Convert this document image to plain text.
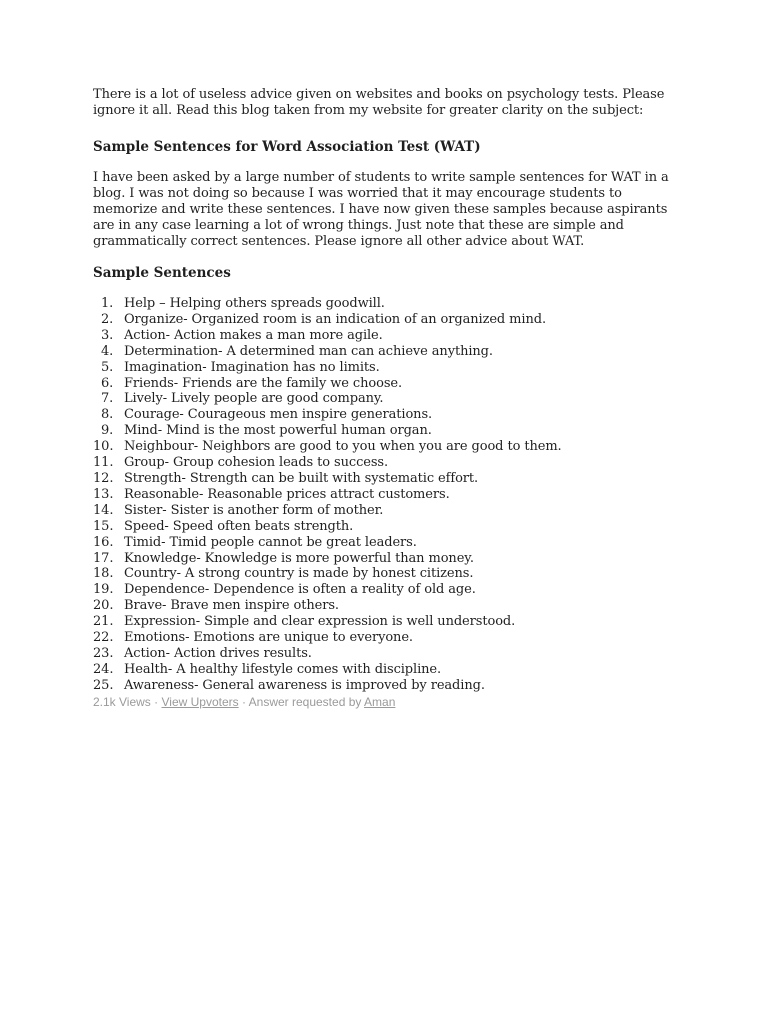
There is a lot of useless advice given on websites and books on psychology tests. Please ignore it all. Read this blog taken from my website for greater clarity on the subject:

Sample Sentences for Word Association Test (WAT)

I have been asked by a large number of students to write sample sentences for WAT in a blog. I was not doing so because I was worried that it may encourage students to memorize and write these sentences. I have now given these samples because aspirants are in any case learning a lot of wrong things. Just note that these are simple and grammatically correct sentences. Please ignore all other advice about WAT.

Sample Sentences
1. Help – Helping others spreads goodwill.
2. Organize- Organized room is an indication of an organized mind.
3. Action- Action makes a man more agile.
4. Determination- A determined man can achieve anything.
5. Imagination- Imagination has no limits.
6. Friends- Friends are the family we choose.
7. Lively- Lively people are good company.
8. Courage- Courageous men inspire generations.
9. Mind- Mind is the most powerful human organ.
10. Neighbour- Neighbors are good to you when you are good to them.
11. Group- Group cohesion leads to success.
12. Strength- Strength can be built with systematic effort.
13. Reasonable- Reasonable prices attract customers.
14. Sister- Sister is another form of mother.
15. Speed- Speed often beats strength.
16. Timid- Timid people cannot be great leaders.
17. Knowledge- Knowledge is more powerful than money.
18. Country- A strong country is made by honest citizens.
19. Dependence- Dependence is often a reality of old age.
20. Brave- Brave men inspire others.
21. Expression- Simple and clear expression is well understood.
22. Emotions- Emotions are unique to everyone.
23. Action- Action drives results.
24. Health- A healthy lifestyle comes with discipline.
25. Awareness- General awareness is improved by reading.
2.1k Views · View Upvoters · Answer requested by Aman
